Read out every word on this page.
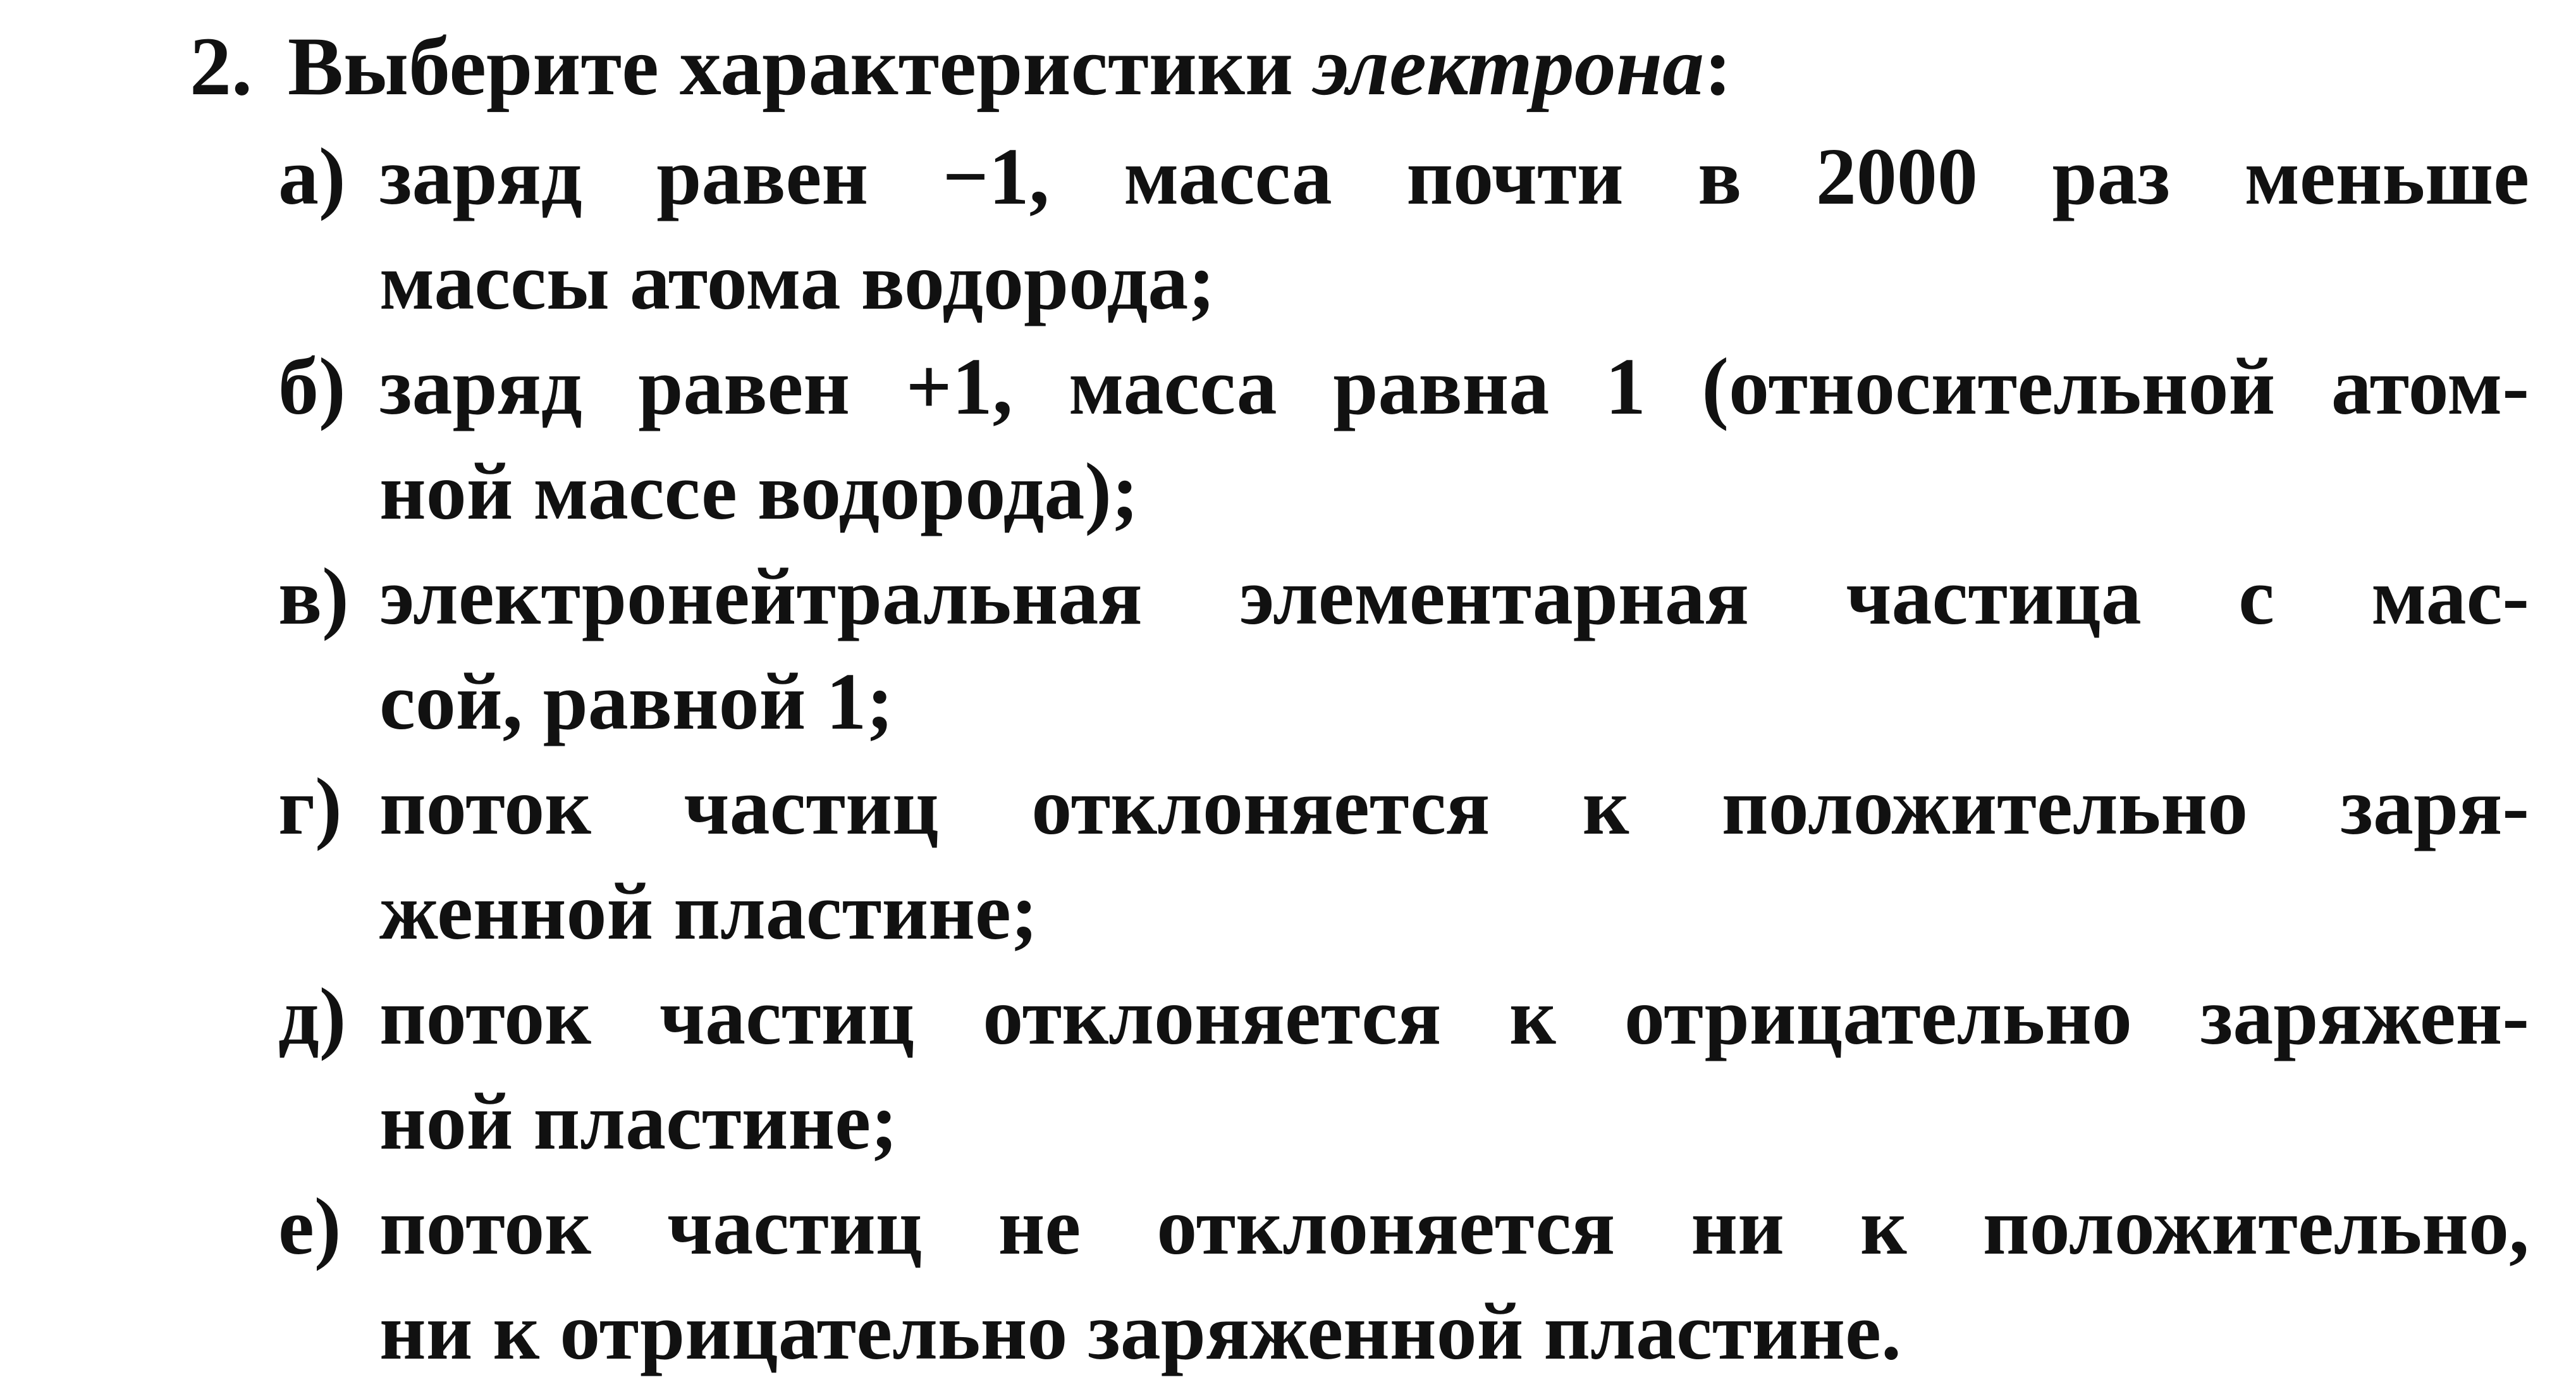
2. Выберите характеристики электрона:
а) заряд равен −1, масса почти в 2000 раз меньше
массы атома водорода;
б) заряд равен +1, масса равна 1 (относительной атом-
ной массе водорода);
в) электронейтральная элементарная частица с мас-
сой, равной 1;
г) поток частиц отклоняется к положительно заря-
женной пластине;
д) поток частиц отклоняется к отрицательно заряжен-
ной пластине;
е) поток частиц не отклоняется ни к положительно,
ни к отрицательно заряженной пластине.
